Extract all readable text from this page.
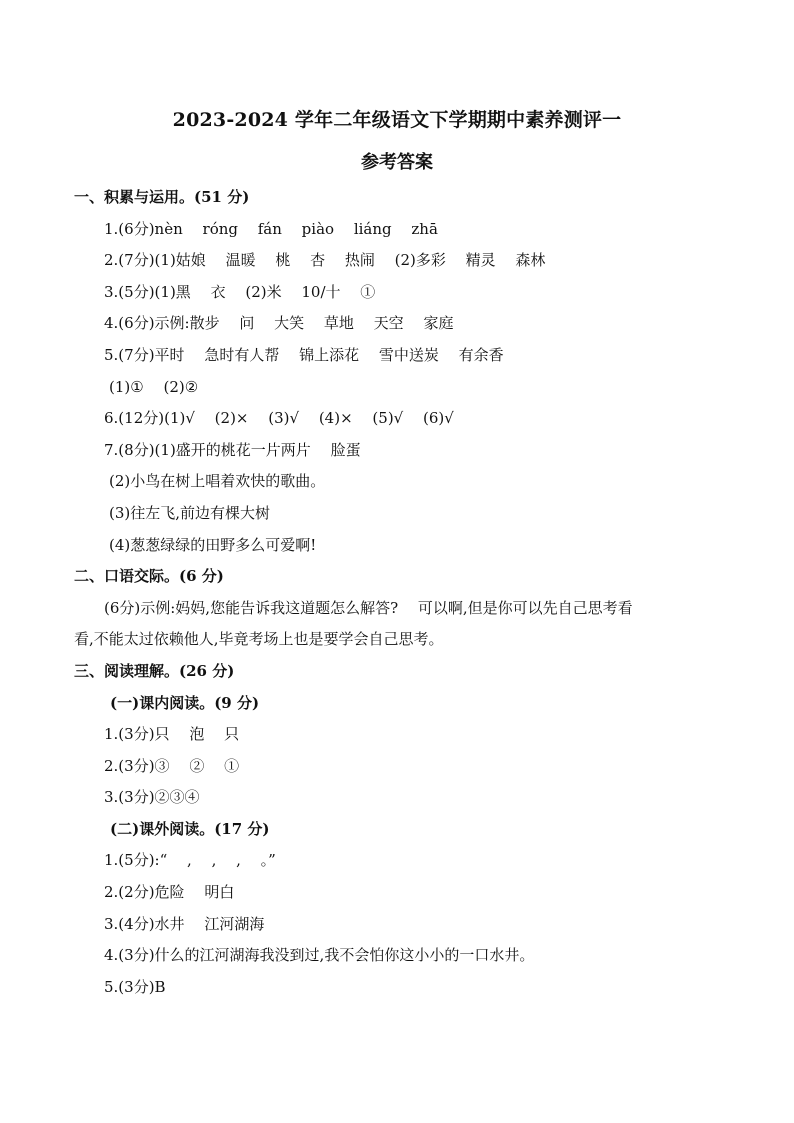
2023-2024 学年二年级语文下学期期中素养测评一
参考答案
一、积累与运用。(51 分)
1.(6分)nèn　 róng　 fán　 piào　 liáng　 zhā
2.(7分)(1)姑娘　 温暖　 桃　 杏　 热闹　 (2)多彩　 精灵　 森林
3.(5分)(1)黑　 衣　 (2)米　 10/十　 ①
4.(6分)示例:散步　 问　 大笑　 草地　 天空　 家庭
5.(7分)平时　 急时有人帮　 锦上添花　 雪中送炭　 有余香
(1)①　 (2)②
6.(12分)(1)√　 (2)×　 (3)√　 (4)×　 (5)√　 (6)√
7.(8分)(1)盛开的桃花一片两片　 脸蛋
(2)小鸟在树上唱着欢快的歌曲。
(3)往左飞,前边有棵大树
(4)葱葱绿绿的田野多么可爱啊!
二、口语交际。(6 分)
(6分)示例:妈妈,您能告诉我这道题怎么解答?　 可以啊,但是你可以先自己思考看
看,不能太过依赖他人,毕竟考场上也是要学会自己思考。
三、阅读理解。(26 分)
(一)课内阅读。(9 分)
1.(3分)只　 泡　 只
2.(3分)③　 ②　 ①
3.(3分)②③④
(二)课外阅读。(17 分)
1.(5分):“　 ,　 ,　 ,　 。”
2.(2分)危险　 明白
3.(4分)水井　 江河湖海
4.(3分)什么的江河湖海我没到过,我不会怕你这小小的一口水井。
5.(3分)B
